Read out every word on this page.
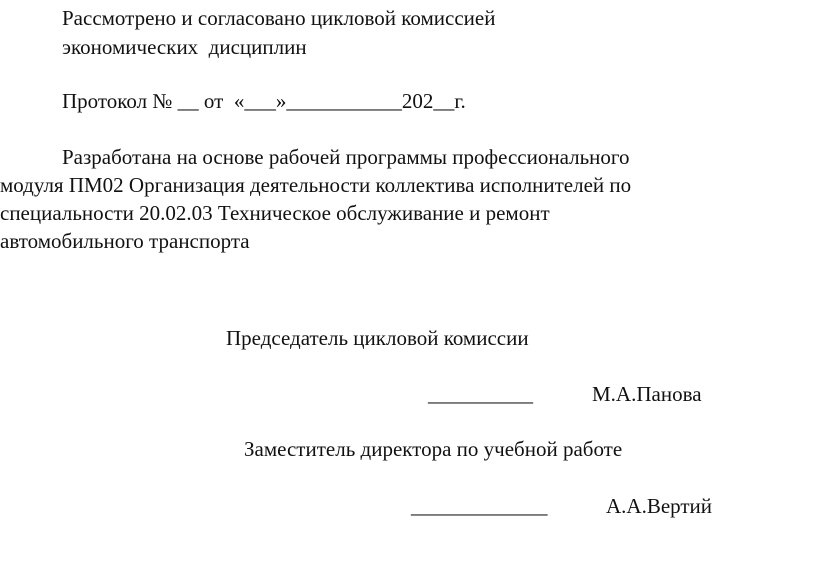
Рассмотрено и согласовано цикловой комиссией
экономических  дисциплин
Протокол № __ от  «___»___________202__г.
Разработана на основе рабочей программы профессионального
модуля ПМ02 Организация деятельности коллектива исполнителей по
специальности 20.02.03 Техническое обслуживание и ремонт
автомобильного транспорта
Председатель цикловой комиссии
__________	М.А.Панова
Заместитель директора по учебной работе
_____________	А.А.Вертий
